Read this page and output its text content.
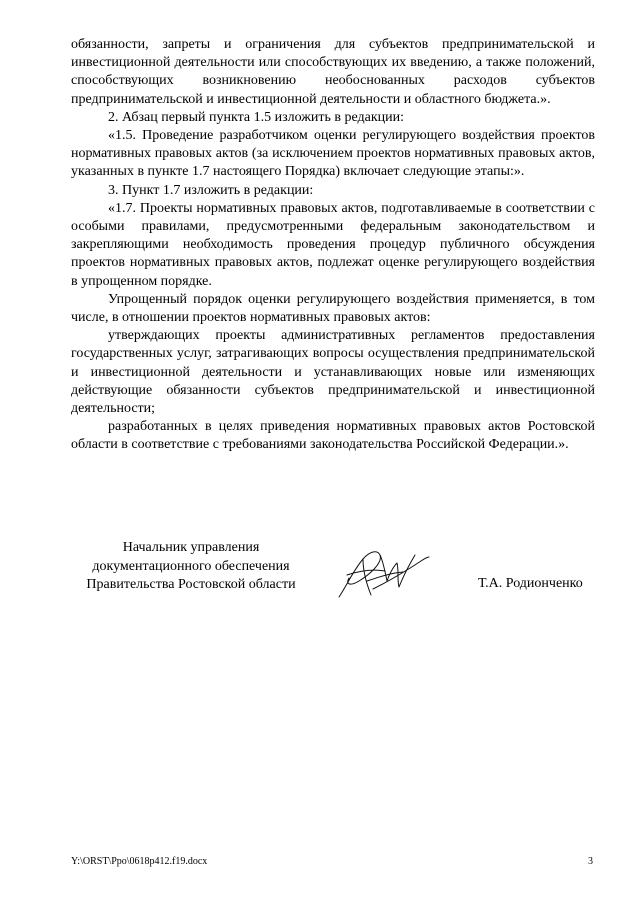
обязанности, запреты и ограничения для субъектов предпринимательской и инвестиционной деятельности или способствующих их введению, а также положений, способствующих возникновению необоснованных расходов субъектов предпринимательской и инвестиционной деятельности и областного бюджета.».

2. Абзац первый пункта 1.5 изложить в редакции:

«1.5. Проведение разработчиком оценки регулирующего воздействия проектов нормативных правовых актов (за исключением проектов нормативных правовых актов, указанных в пункте 1.7 настоящего Порядка) включает следующие этапы:».

3. Пункт 1.7 изложить в редакции:

«1.7. Проекты нормативных правовых актов, подготавливаемые в соответствии с особыми правилами, предусмотренными федеральным законодательством и закрепляющими необходимость проведения процедур публичного обсуждения проектов нормативных правовых актов, подлежат оценке регулирующего воздействия в упрощенном порядке.

Упрощенный порядок оценки регулирующего воздействия применяется, в том числе, в отношении проектов нормативных правовых актов:

утверждающих проекты административных регламентов предоставления государственных услуг, затрагивающих вопросы осуществления предпринимательской и инвестиционной деятельности и устанавливающих новые или изменяющих действующие обязанности субъектов предпринимательской и инвестиционной деятельности;

разработанных в целях приведения нормативных правовых актов Ростовской области в соответствие с требованиями законодательства Российской Федерации.».

Начальник управления
документационного обеспечения
Правительства Ростовской области	Т.А. Родионченко
Y:\ORST\Ppo\0618p412.f19.docx	3
